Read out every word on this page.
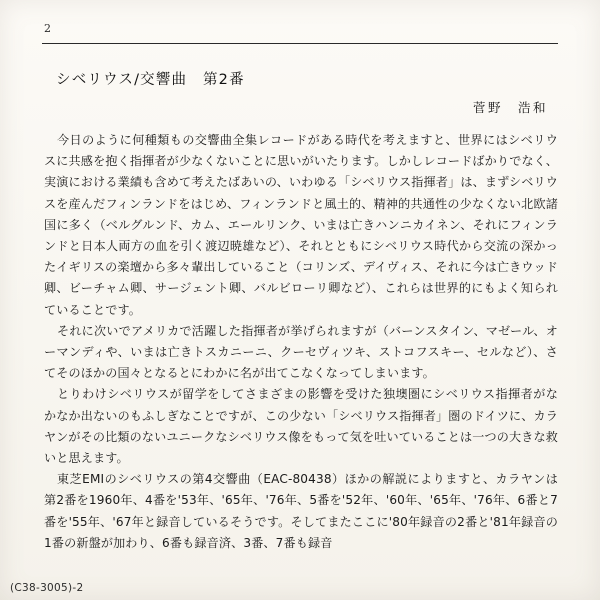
2
シベリウス/交響曲　第2番
菅野　浩和

今日のように何種類もの交響曲全集レコードがある時代を考えますと、世界にはシベリウスに共感を抱く指揮者が少なくないことに思いがいたります。しかしレコードばかりでなく、実演における業績も含めて考えたばあいの、いわゆる「シベリウス指揮者」は、まずシベリウスを産んだフィンランドをはじめ、フィンランドと風土的、精神的共通性の少なくない北欧諸国に多く（ベルグルンド、カム、エールリンク、いまは亡きハンニカイネン、それにフィンランドと日本人両方の血を引く渡辺暁雄など）、それとともにシベリウス時代から交流の深かったイギリスの楽壇から多々輩出していること（コリンズ、デイヴィス、それに今は亡きウッド卿、ビーチャム卿、サージェント卿、バルビローリ卿など）、これらは世界的にもよく知られていることです。

それに次いでアメリカで活躍した指揮者が挙げられますが（バーンスタイン、マゼール、オーマンディや、いまは亡きトスカニーニ、クーセヴィツキ、ストコフスキー、セルなど）、さてそのほかの国々となるとにわかに名が出てこなくなってしまいます。

とりわけシベリウスが留学をしてさまざまの影響を受けた独墺圏にシベリウス指揮者がなかなか出ないのもふしぎなことですが、この少ない「シベリウス指揮者」圏のドイツに、カラヤンがその比類のないユニークなシベリウス像をもって気を吐いていることは一つの大きな救いと思えます。

東芝EMIのシベリウスの第4交響曲（EAC-80438）ほかの解説によりますと、カラヤンは第2番を1960年、4番を'53年、'65年、'76年、5番を'52年、'60年、'65年、'76年、6番と7番を'55年、'67年と録音しているそうです。そしてまたここに'80年録音の2番と'81年録音の1番の新盤が加わり、6番も録音済、3番、7番も録音

(C38-3005)-2
